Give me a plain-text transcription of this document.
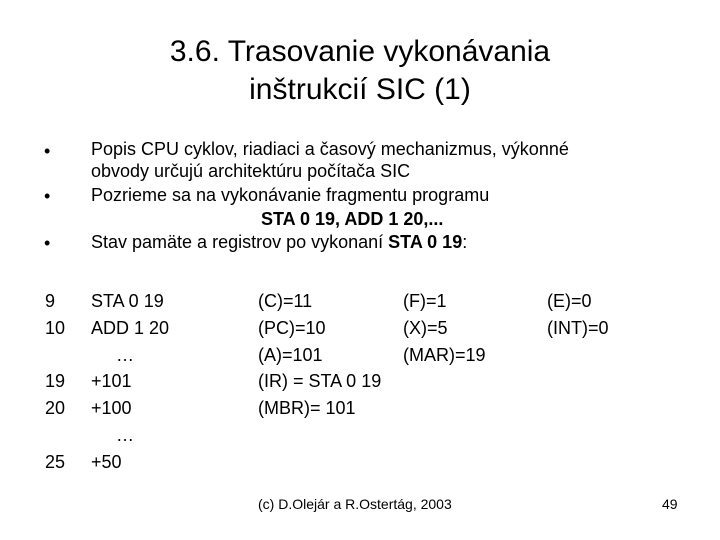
3.6. Trasovanie vykonávania
inštrukcií SIC (1)
•
•
•
Popis CPU cyklov, riadiaci a časový mechanizmus, výkonné
obvody určujú architektúru počítača SIC
Pozrieme sa na vykonávanie fragmentu programu
STA 0 19, ADD 1 20,...
Stav pamäte a registrov po vykonaní STA 0 19:
9
10
19
20
25
STA 0 19
ADD 1 20
…
+101
+100
…
+50
(C)=11
(PC)=10
(A)=101
(IR) = STA 0 19
(MBR)= 101
(F)=1
(X)=5
(MAR)=19
(E)=0
(INT)=0
(c) D.Olejár a R.Ostertág, 2003	49
